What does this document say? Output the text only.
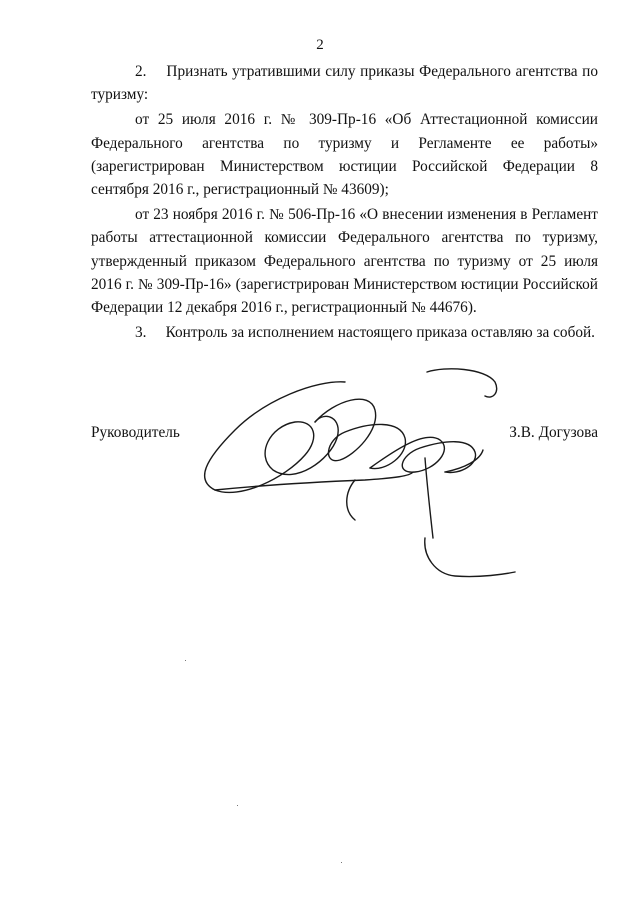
2

2.  Признать утратившими силу приказы Федерального агентства по туризму:

от 25 июля 2016 г. № 309-Пр-16 «Об Аттестационной комиссии Федерального агентства по туризму и Регламенте ее работы» (зарегистрирован Министерством юстиции Российской Федерации 8 сентября 2016 г., регистрационный № 43609);

от 23 ноября 2016 г. № 506-Пр-16 «О внесении изменения в Регламент работы аттестационной комиссии Федерального агентства по туризму, утвержденный приказом Федерального агентства по туризму от 25 июля 2016 г. № 309-Пр-16» (зарегистрирован Министерством юстиции Российской Федерации 12 декабря 2016 г., регистрационный № 44676).

3.  Контроль за исполнением настоящего приказа оставляю за собой.

Руководитель	З.В. Догузова
